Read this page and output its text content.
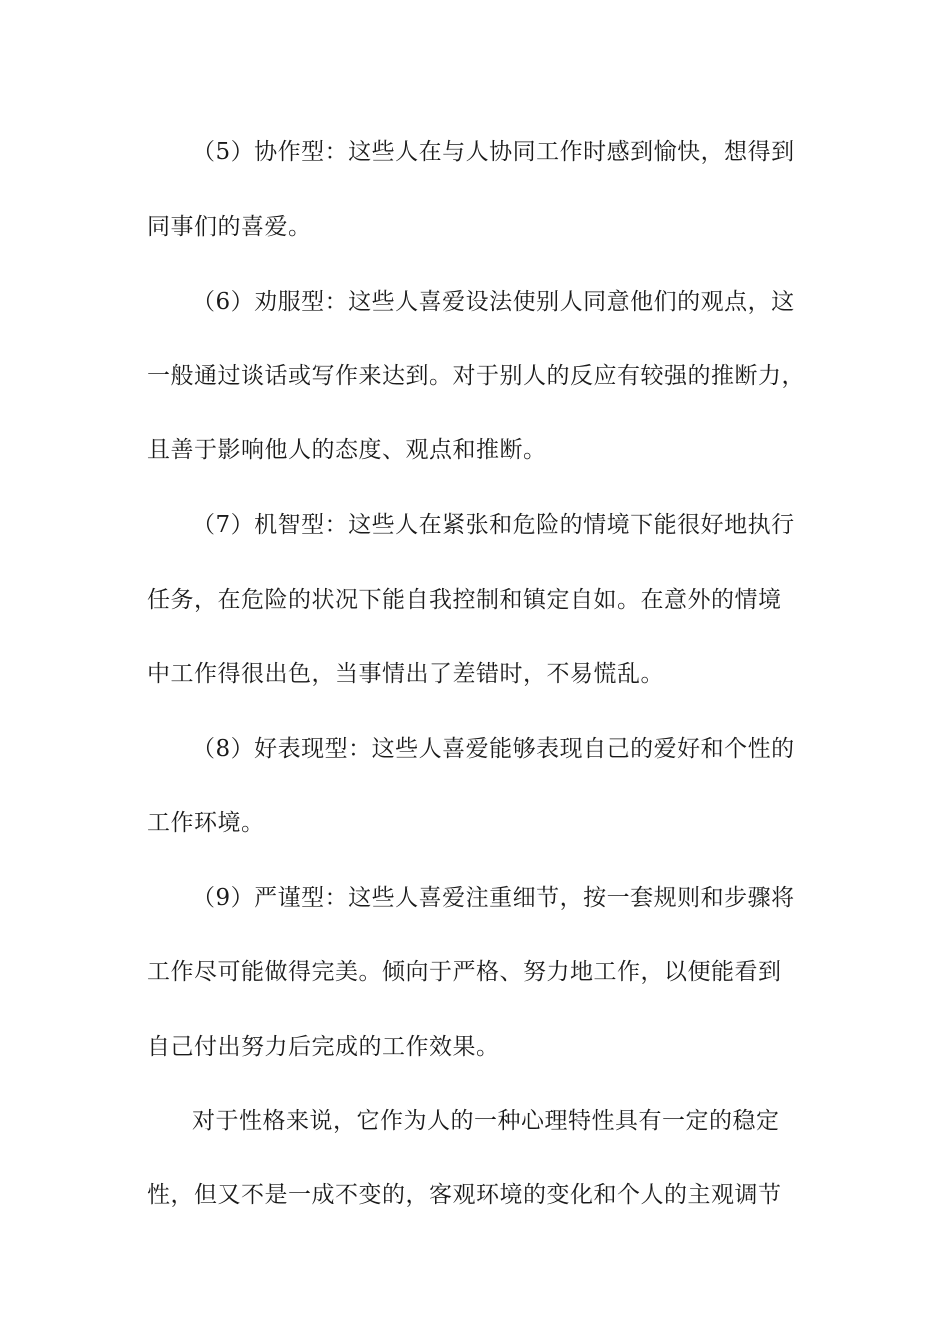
（5）协作型：这些人在与人协同工作时感到愉快，想得到
同事们的喜爱。
（6）劝服型：这些人喜爱设法使别人同意他们的观点，这
一般通过谈话或写作来达到。对于别人的反应有较强的推断力，
且善于影响他人的态度、观点和推断。
（7）机智型：这些人在紧张和危险的情境下能很好地执行
任务，在危险的状况下能自我控制和镇定自如。在意外的情境
中工作得很出色，当事情出了差错时，不易慌乱。
（8）好表现型：这些人喜爱能够表现自己的爱好和个性的
工作环境。
（9）严谨型：这些人喜爱注重细节，按一套规则和步骤将
工作尽可能做得完美。倾向于严格、努力地工作，以便能看到
自己付出努力后完成的工作效果。
对于性格来说，它作为人的一种心理特性具有一定的稳定
性，但又不是一成不变的，客观环境的变化和个人的主观调节
